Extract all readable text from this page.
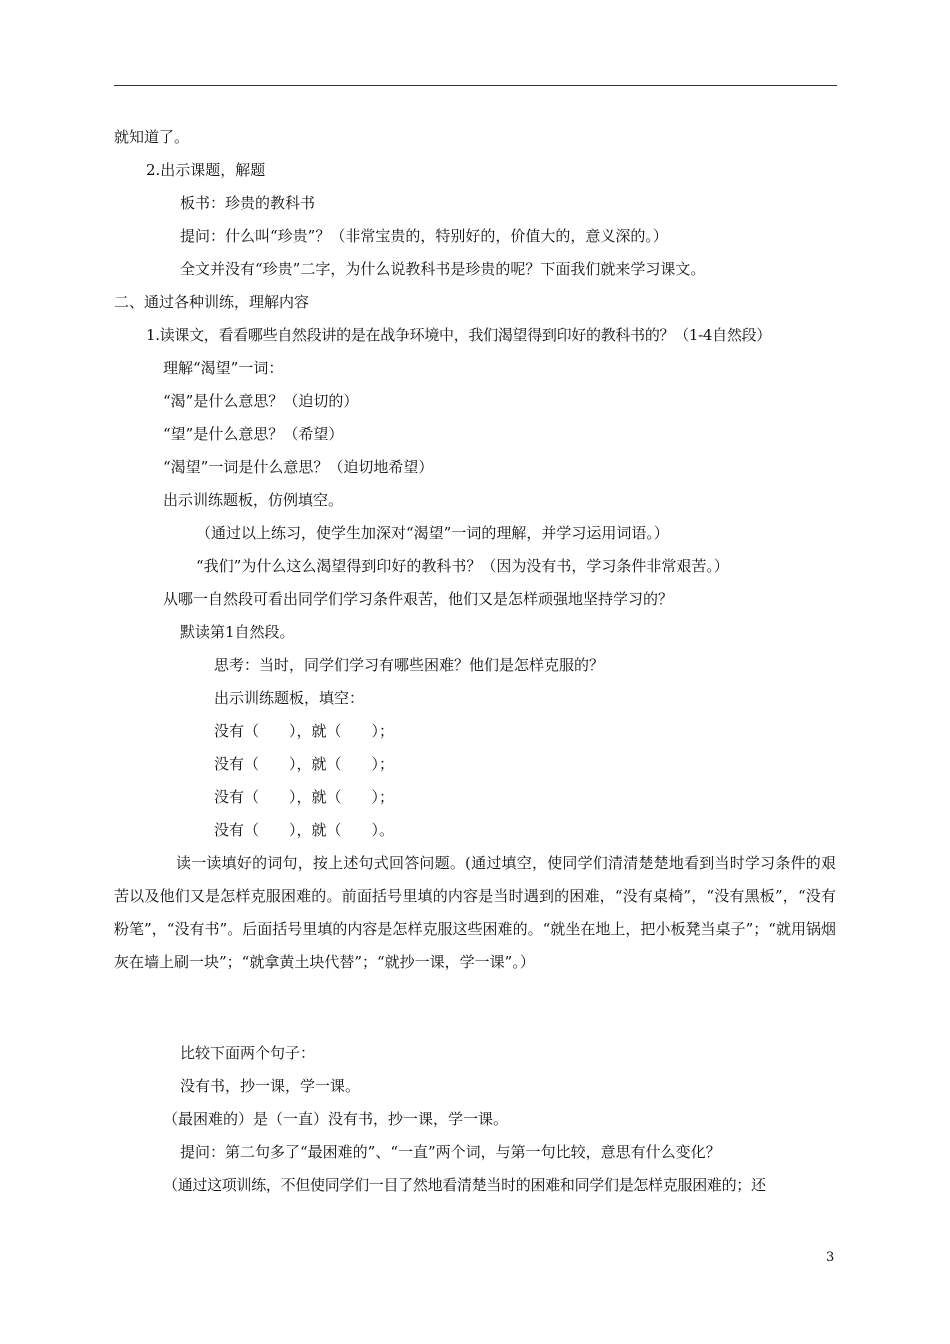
就知道了。
2.出示课题，解题
板书：珍贵的教科书
提问：什么叫“珍贵”？（非常宝贵的，特别好的，价值大的，意义深的。）
全文并没有“珍贵”二字，为什么说教科书是珍贵的呢？下面我们就来学习课文。
二、通过各种训练，理解内容
1.读课文，看看哪些自然段讲的是在战争环境中，我们渴望得到印好的教科书的？（1-4自然段）
理解“渴望”一词：
“渴”是什么意思？（迫切的）
“望”是什么意思？（希望）
“渴望”一词是什么意思？（迫切地希望）
出示训练题板，仿例填空。
（通过以上练习，使学生加深对“渴望”一词的理解，并学习运用词语。）
“我们”为什么这么渴望得到印好的教科书？（因为没有书，学习条件非常艰苦。）
从哪一自然段可看出同学们学习条件艰苦，他们又是怎样顽强地坚持学习的？
默读第1自然段。
思考：当时，同学们学习有哪些困难？他们是怎样克服的？
出示训练题板，填空：
没有（　　），就（　　）；
没有（　　），就（　　）；
没有（　　），就（　　）；
没有（　　），就（　　）。
读一读填好的词句，按上述句式回答问题。(通过填空，使同学们清清楚楚地看到当时学习条件的艰苦以及他们又是怎样克服困难的。前面括号里填的内容是当时遇到的困难，“没有桌椅”，“没有黑板”，“没有粉笔”，“没有书”。后面括号里填的内容是怎样克服这些困难的。“就坐在地上，把小板凳当桌子”；“就用锅烟灰在墙上刷一块”；“就拿黄土块代替”；“就抄一课，学一课”。）
比较下面两个句子：
没有书，抄一课，学一课。
（最困难的）是（一直）没有书，抄一课，学一课。
提问：第二句多了“最困难的”、“一直”两个词，与第一句比较，意思有什么变化？
（通过这项训练，不但使同学们一目了然地看清楚当时的困难和同学们是怎样克服困难的；还
3
